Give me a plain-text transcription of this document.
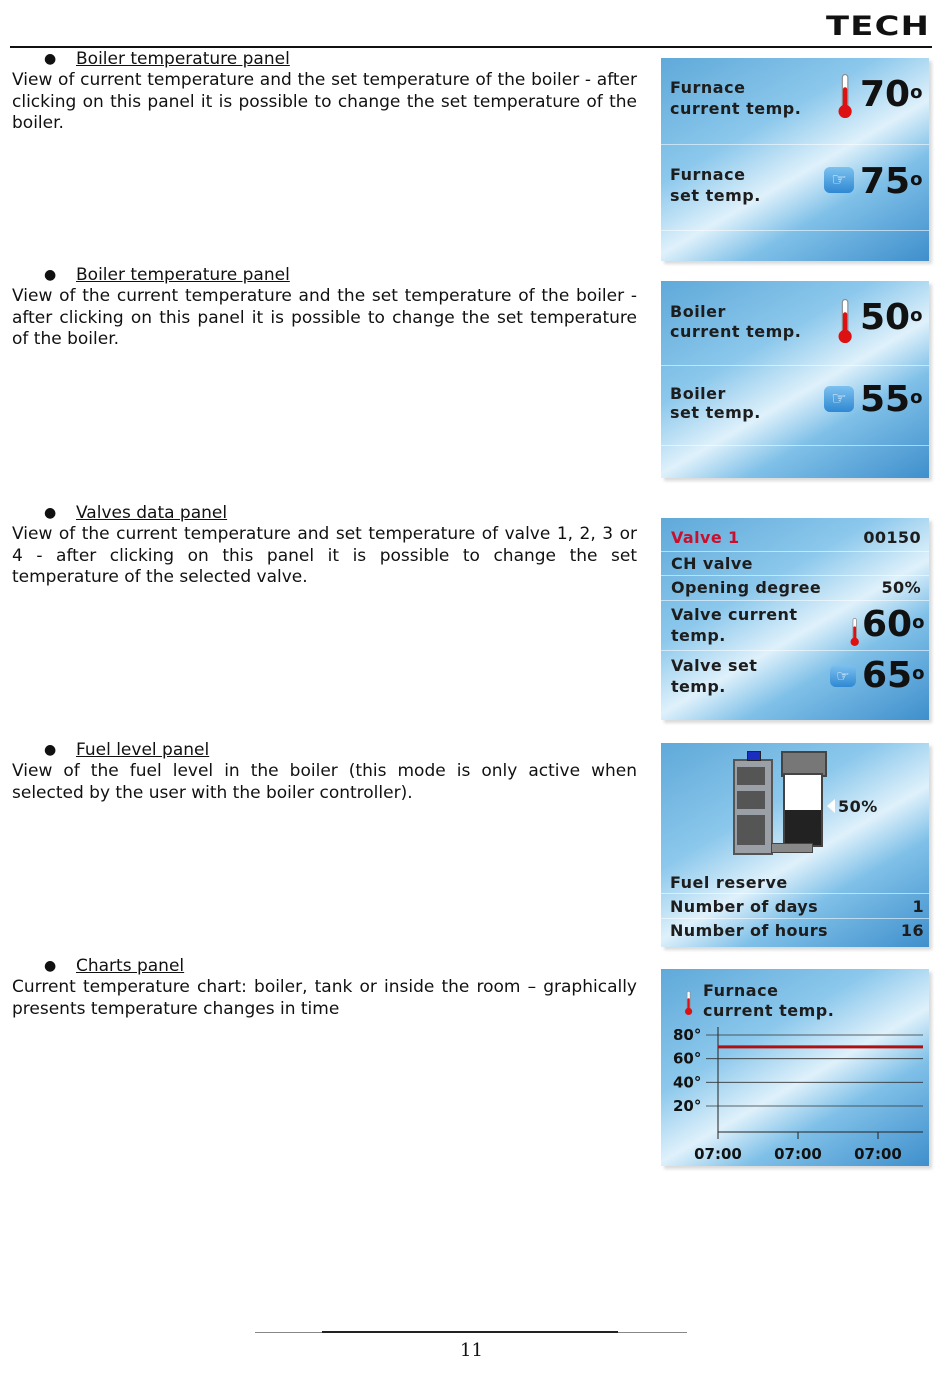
TECH
● Boiler temperature panel
View of current temperature and the set temperature of the boiler - after clicking on this panel it is possible to change the set temperature of the boiler.
● Boiler temperature panel
View of the current temperature and the set temperature of the boiler - after clicking on this panel it is possible to change the set temperature of the boiler.
● Valves data panel
View of the current temperature and set temperature of valve 1, 2, 3 or 4 - after clicking on this panel it is possible to change the set temperature of the selected valve.
● Fuel level panel
View of the fuel level in the boiler (this mode is only active when selected by the user with the boiler controller).
● Charts panel
Current temperature chart: boiler, tank or inside the room – graphically presents temperature changes in time
Furnace
current temp. 70$^o$
Furnace
set temp.
☞ 75$^o$
Boiler
current temp. 50$^o$
Boiler
set temp.
☞ 55$^o$
Valve 1	00150
CH valve
Opening degree	50%
Valve current
temp.	60$^o$
Valve set
temp.
☞ 65$^o$
50%
Fuel reserve
Number of days	1
Number of hours	16
Furnace
current temp.
80°
60°
40°
20°
07:00 07:00 07:00
11
